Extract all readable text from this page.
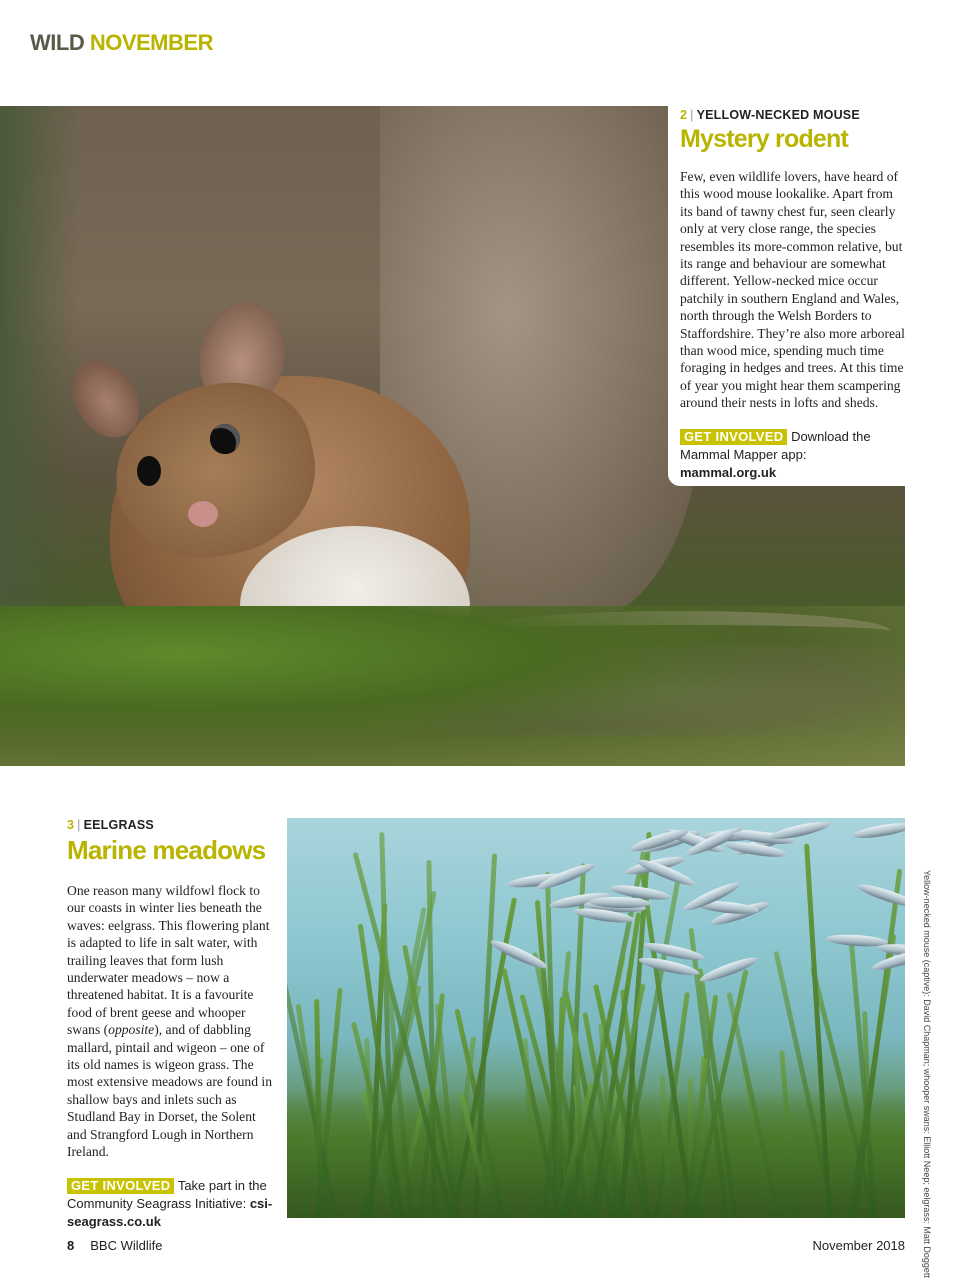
WILD NOVEMBER
2 | YELLOW-NECKED MOUSE
Mystery rodent

Few, even wildlife lovers, have heard of this wood mouse lookalike. Apart from its band of tawny chest fur, seen clearly only at very close range, the species resembles its more-common relative, but its range and behaviour are somewhat different. Yellow-necked mice occur patchily in southern England and Wales, north through the Welsh Borders to Staffordshire. They’re also more arboreal than wood mice, spending much time foraging in hedges and trees. At this time of year you might hear them scampering around their nests in lofts and sheds.

GET INVOLVED Download the Mammal Mapper app: mammal.org.uk
3 | EELGRASS
Marine meadows

One reason many wildfowl flock to our coasts in winter lies beneath the waves: eelgrass. This flowering plant is adapted to life in salt water, with trailing leaves that form lush underwater meadows – now a threatened habitat. It is a favourite food of brent geese and whooper swans (opposite), and of dabbling mallard, pintail and wigeon – one of its old names is wigeon grass. The most extensive meadows are found in shallow bays and inlets such as Studland Bay in Dorset, the Solent and Strangford Lough in Northern Ireland.

GET INVOLVED Take part in the Community Seagrass Initiative: csi-seagrass.co.uk	Yellow-necked mouse (captive): David Chapman; whooper swans: Elliott Neep; eelgrass: Matt Doggett
8 BBC Wildlife	November 2018
